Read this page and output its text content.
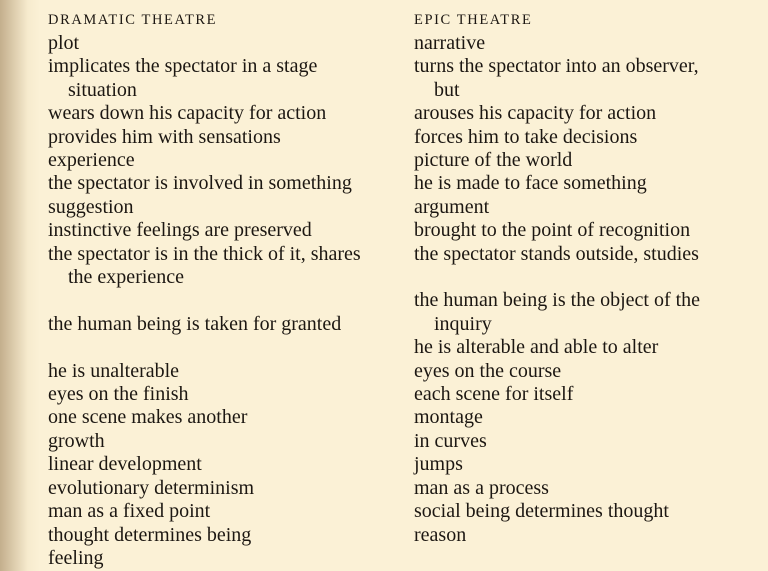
DRAMATIC THEATRE
plot
implicates the spectator in a stage
situation
wears down his capacity for action
provides him with sensations
experience
the spectator is involved in something
suggestion
instinctive feelings are preserved
the spectator is in the thick of it, shares
the experience
the human being is taken for granted
he is unalterable
eyes on the finish
one scene makes another
growth
linear development
evolutionary determinism
man as a fixed point
thought determines being
feeling
EPIC THEATRE
narrative
turns the spectator into an observer,
but
arouses his capacity for action
forces him to take decisions
picture of the world
he is made to face something
argument
brought to the point of recognition
the spectator stands outside, studies
the human being is the object of the
inquiry
he is alterable and able to alter
eyes on the course
each scene for itself
montage
in curves
jumps
man as a process
social being determines thought
reason
